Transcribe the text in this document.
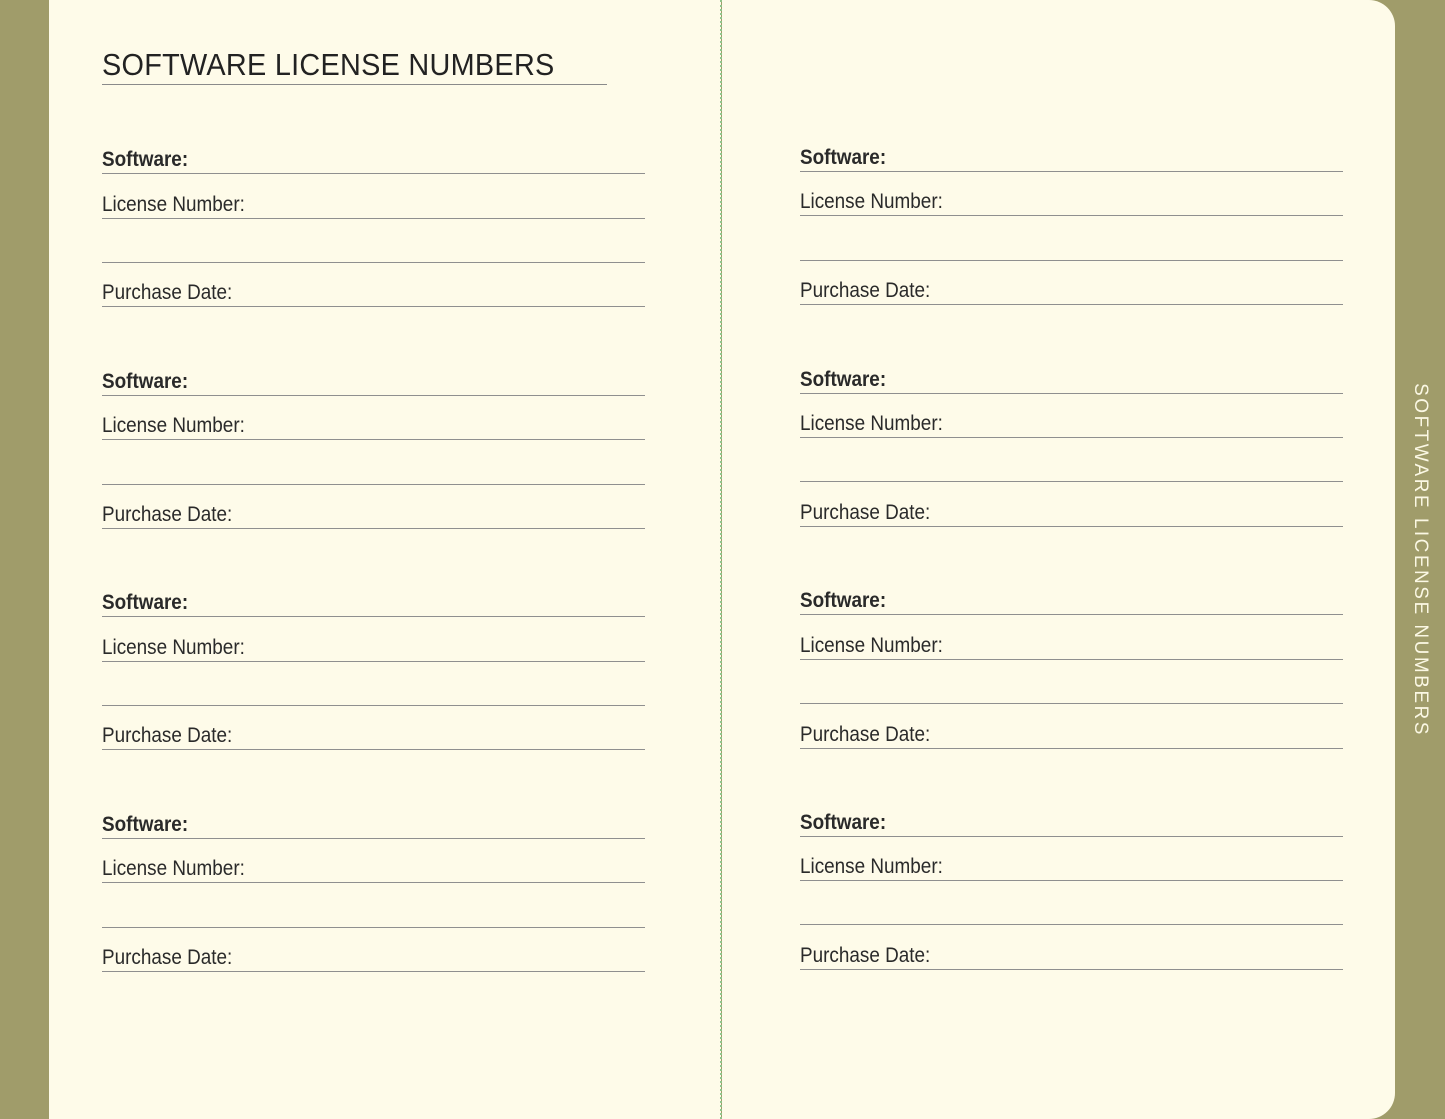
SOFTWARE LICENSE NUMBERS
Software:
License Number:
Purchase Date:
Software:
License Number:
Purchase Date:
Software:
License Number:
Purchase Date:
Software:
License Number:
Purchase Date:
Software:
License Number:
Purchase Date:
Software:
License Number:
Purchase Date:
Software:
License Number:
Purchase Date:
Software:
License Number:
Purchase Date:
SOFTWARE LICENSE NUMBERS
